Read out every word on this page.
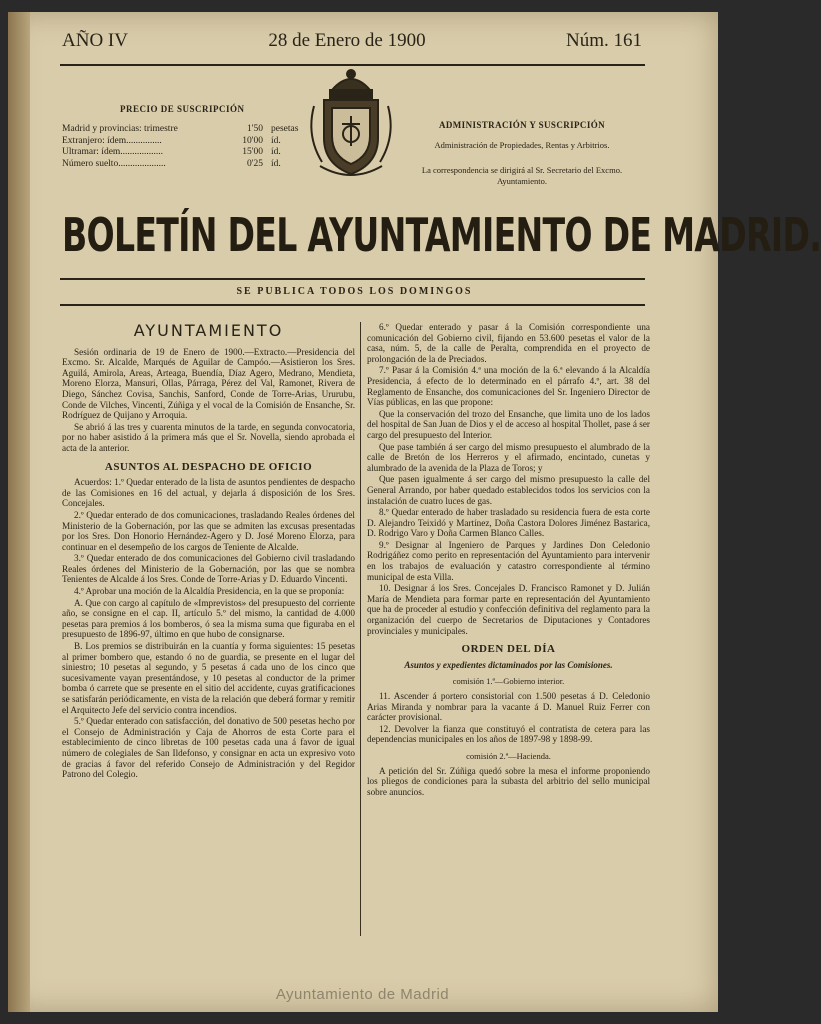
AÑO IV	28 de Enero de 1900	Núm. 161
PRECIO DE SUSCRIPCIÓN
Madrid y provincias: trimestre	1'50 pesetas
Extranjero: ídem...............	10'00 íd.
Ultramar: ídem..................	15'00 íd.
Número suelto....................	0'25 íd.
ADMINISTRACIÓN Y SUSCRIPCIÓN
Administración de Propiedades, Rentas y Arbitrios.
La correspondencia se dirigirá al Sr. Secretario del Excmo. Ayuntamiento.
BOLETÍN DEL AYUNTAMIENTO DE MADRID.
SE PUBLICA TODOS LOS DOMINGOS
AYUNTAMIENTO

Sesión ordinaria de 19 de Enero de 1900.—Extracto.—Presidencia del Excmo. Sr. Alcalde, Marqués de Aguilar de Campóo.—Asistieron los Sres. Aguilá, Amirola, Areas, Arteaga, Buendía, Díaz Agero, Medrano, Mendieta, Moreno Elorza, Mansuri, Ollas, Párraga, Pérez del Val, Ramonet, Rivera de Diego, Sánchez Covisa, Sanchis, Sanford, Conde de Torre-Arias, Ururubu, Conde de Vilches, Vincenti, Zúñiga y el vocal de la Comisión de Ensanche, Sr. Rodríguez de Quijano y Arroquia.

Se abrió á las tres y cuarenta minutos de la tarde, en segunda convocatoria, por no haber asistido á la primera más que el Sr. Novella, siendo aprobada el acta de la anterior.

ASUNTOS AL DESPACHO DE OFICIO

Acuerdos: 1.º Quedar enterado de la lista de asuntos pendientes de despacho de las Comisiones en 16 del actual, y dejarla á disposición de los Sres. Concejales.

2.º Quedar enterado de dos comunicaciones, trasladando Reales órdenes del Ministerio de la Gobernación, por las que se admiten las excusas presentadas por los Sres. Don Honorio Hernández-Agero y D. José Moreno Elorza, para continuar en el desempeño de los cargos de Teniente de Alcalde.

3.º Quedar enterado de dos comunicaciones del Gobierno civil trasladando Reales órdenes del Ministerio de la Gobernación, por las que se nombra Tenientes de Alcalde á los Sres. Conde de Torre-Arias y D. Eduardo Vincenti.

4.º Aprobar una moción de la Alcaldía Presidencia, en la que se proponía:

A. Que con cargo al capítulo de «Imprevistos» del presupuesto del corriente año, se consigne en el cap. II, artículo 5.º del mismo, la cantidad de 4.000 pesetas para premios á los bomberos, ó sea la misma suma que figuraba en el presupuesto de 1896-97, último en que hubo de consignarse.

B. Los premios se distribuirán en la cuantía y forma siguientes: 15 pesetas al primer bombero que, estando ó no de guardia, se presente en el lugar del siniestro; 10 pesetas al segundo, y 5 pesetas á cada uno de los cinco que sucesivamente vayan presentándose, y 10 pesetas al conductor de la primer bomba ó carrete que se presente en el sitio del accidente, cuyas gratificaciones se satisfarán periódicamente, en vista de la relación que deberá formar y remitir el Arquitecto Jefe del servicio contra incendios.

5.º Quedar enterado con satisfacción, del donativo de 500 pesetas hecho por el Consejo de Administración y Caja de Ahorros de esta Corte para el establecimiento de cinco libretas de 100 pesetas cada una á favor de igual número de colegiales de San Ildefonso, y consignar en acta un expresivo voto de gracias á favor del referido Consejo de Administración y del Regidor Patrono del Colegio.

6.º Quedar enterado y pasar á la Comisión correspondiente una comunicación del Gobierno civil, fijando en 53.600 pesetas el valor de la casa, núm. 5, de la calle de Peralta, comprendida en el proyecto de prolongación de la de Preciados.

7.º Pasar á la Comisión 4.ª una moción de la 6.ª elevando á la Alcaldía Presidencia, á efecto de lo determinado en el párrafo 4.º, art. 38 del Reglamento de Ensanche, dos comunicaciones del Sr. Ingeniero Director de Vías públicas, en las que propone:

Que la conservación del trozo del Ensanche, que limita uno de los lados del hospital de San Juan de Dios y el de acceso al hospital Thollet, pase á ser cargo del presupuesto del Interior.

Que pase también á ser cargo del mismo presupuesto el alumbrado de la calle de Bretón de los Herreros y el afirmado, encintado, cunetas y alumbrado de la avenida de la Plaza de Toros; y

Que pasen igualmente á ser cargo del mismo presupuesto la calle del General Arrando, por haber quedado establecidos todos los servicios con la instalación de cuatro luces de gas.

8.º Quedar enterado de haber trasladado su residencia fuera de esta corte D. Alejandro Teixidó y Martínez, Doña Castora Dolores Jiménez Bastarica, D. Rodrigo Varo y Doña Carmen Blanco Calles.

9.º Designar al Ingeniero de Parques y Jardines Don Celedonio Rodrigáñez como perito en representación del Ayuntamiento para intervenir en los trabajos de evaluación y catastro correspondiente al término municipal de esta Villa.

10. Designar á los Sres. Concejales D. Francisco Ramonet y D. Julián María de Mendieta para formar parte en representación del Ayuntamiento que ha de proceder al estudio y confección definitiva del reglamento para la organización del cuerpo de Secretarios de Diputaciones y Contadores provinciales y municipales.

ORDEN DEL DÍA
Asuntos y expedientes dictaminados por las Comisiones.
comisión 1.ª—Gobierno interior.

11. Ascender á portero consistorial con 1.500 pesetas á D. Celedonio Arias Miranda y nombrar para la vacante á D. Manuel Ruiz Ferrer con carácter provisional.

12. Devolver la fianza que constituyó el contratista de cetera para las dependencias municipales en los años de 1897-98 y 1898-99.

comisión 2.ª—Hacienda.

A petición del Sr. Zúñiga quedó sobre la mesa el informe proponiendo los pliegos de condiciones para la subasta del arbitrio del sello municipal sobre anuncios.

Ayuntamiento de Madrid
